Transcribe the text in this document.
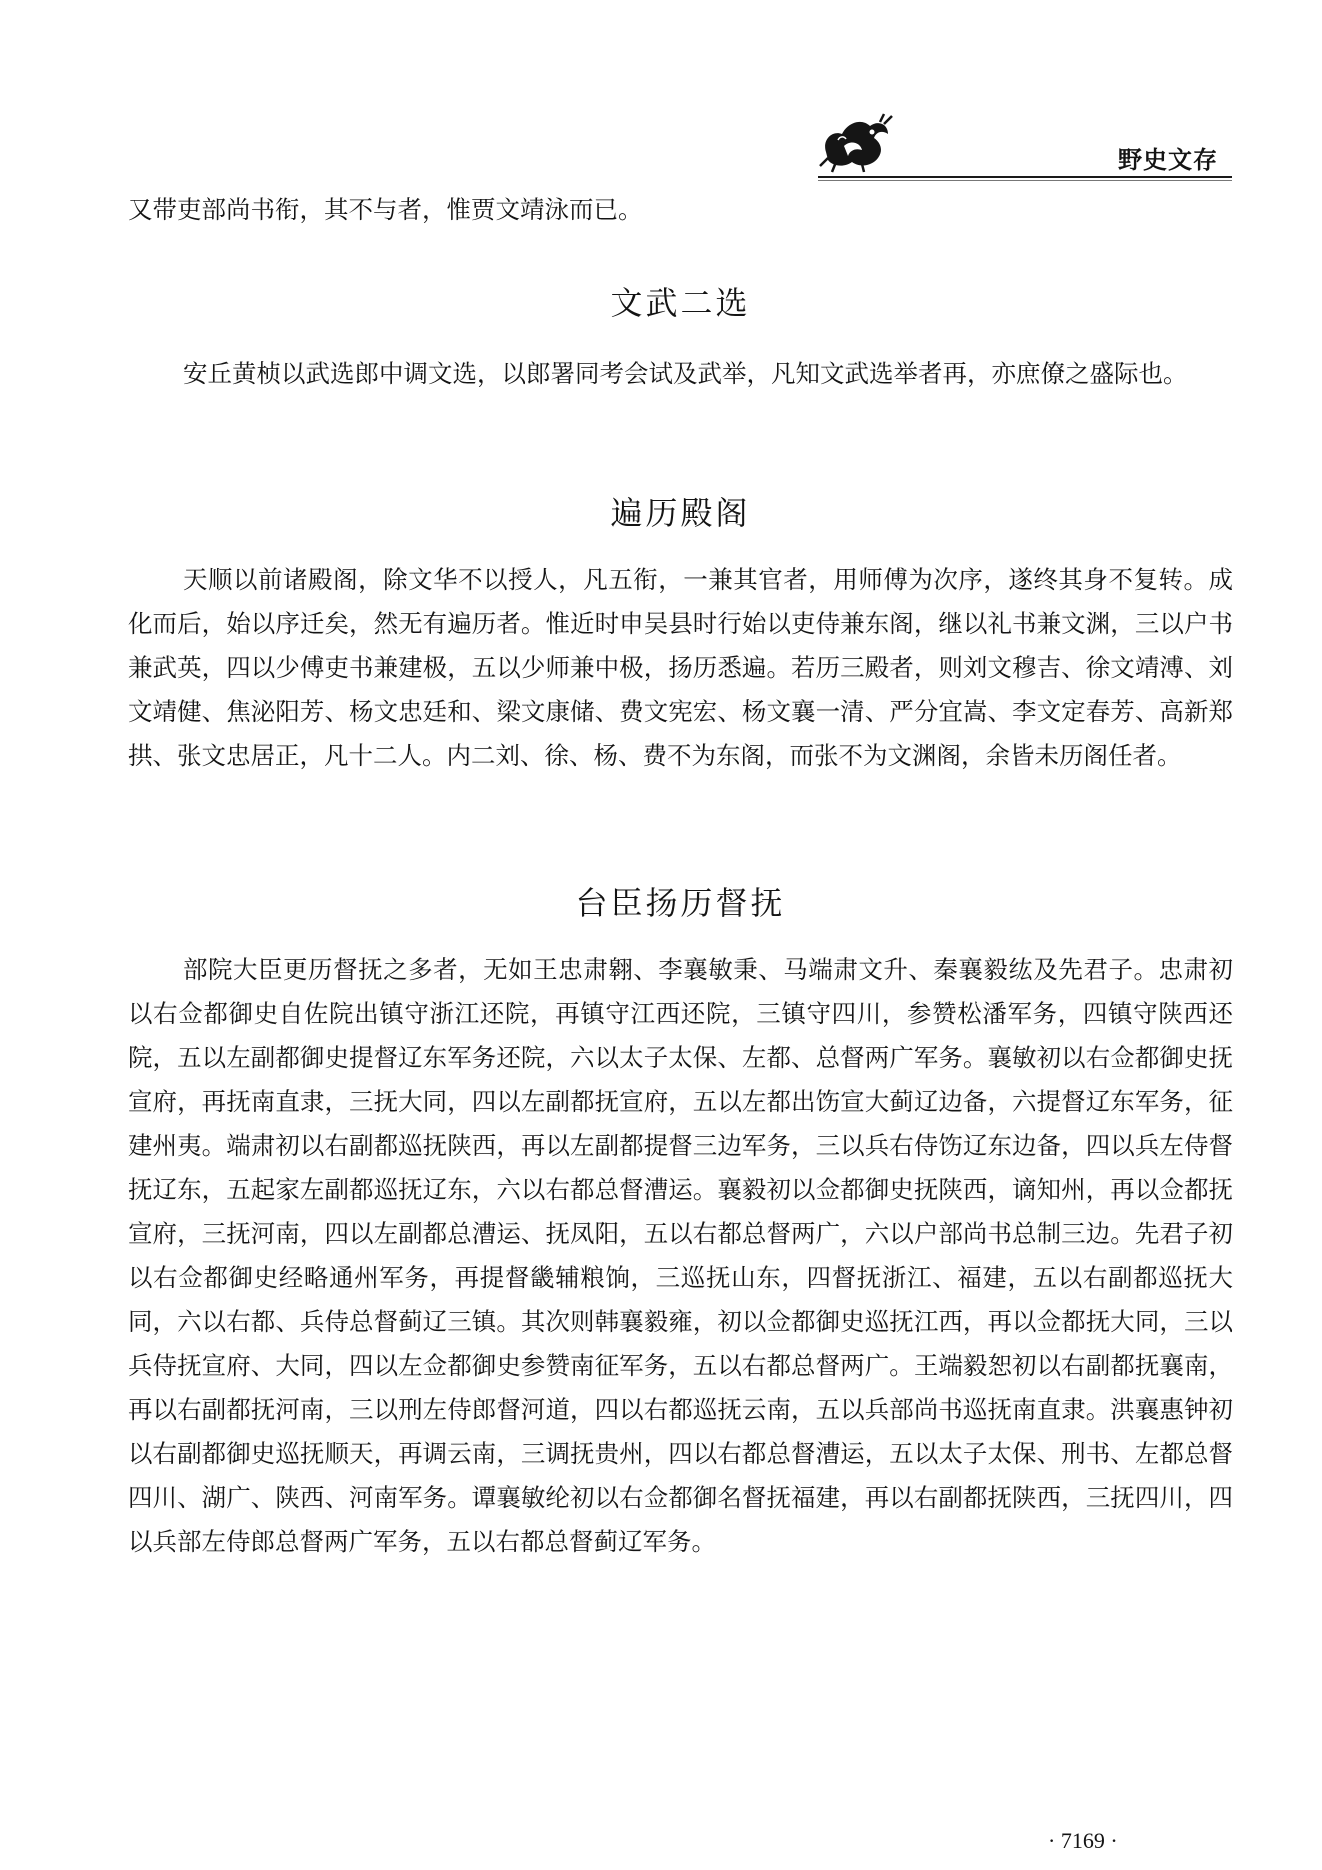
野史文存

又带吏部尚书衔，其不与者，惟贾文靖泳而已。

文武二选

安丘黄桢以武选郎中调文选，以郎署同考会试及武举，凡知文武选举者再，亦庶僚之盛际也。

遍历殿阁

天顺以前诸殿阁，除文华不以授人，凡五衔，一兼其官者，用师傅为次序，遂终其身不复转。成化而后，始以序迁矣，然无有遍历者。惟近时申吴县时行始以吏侍兼东阁，继以礼书兼文渊，三以户书兼武英，四以少傅吏书兼建极，五以少师兼中极，扬历悉遍。若历三殿者，则刘文穆吉、徐文靖溥、刘文靖健、焦泌阳芳、杨文忠廷和、梁文康储、费文宪宏、杨文襄一清、严分宜嵩、李文定春芳、高新郑拱、张文忠居正，凡十二人。内二刘、徐、杨、费不为东阁，而张不为文渊阁，余皆未历阁任者。

台臣扬历督抚

部院大臣更历督抚之多者，无如王忠肃翱、李襄敏秉、马端肃文升、秦襄毅纮及先君子。忠肃初以右佥都御史自佐院出镇守浙江还院，再镇守江西还院，三镇守四川，参赞松潘军务，四镇守陕西还院，五以左副都御史提督辽东军务还院，六以太子太保、左都、总督两广军务。襄敏初以右佥都御史抚宣府，再抚南直隶，三抚大同，四以左副都抚宣府，五以左都出饬宣大蓟辽边备，六提督辽东军务，征建州夷。端肃初以右副都巡抚陕西，再以左副都提督三边军务，三以兵右侍饬辽东边备，四以兵左侍督抚辽东，五起家左副都巡抚辽东，六以右都总督漕运。襄毅初以佥都御史抚陕西，谪知州，再以佥都抚宣府，三抚河南，四以左副都总漕运、抚凤阳，五以右都总督两广，六以户部尚书总制三边。先君子初以右佥都御史经略通州军务，再提督畿辅粮饷，三巡抚山东，四督抚浙江、福建，五以右副都巡抚大同，六以右都、兵侍总督蓟辽三镇。其次则韩襄毅雍，初以佥都御史巡抚江西，再以佥都抚大同，三以兵侍抚宣府、大同，四以左佥都御史参赞南征军务，五以右都总督两广。王端毅恕初以右副都抚襄南，再以右副都抚河南，三以刑左侍郎督河道，四以右都巡抚云南，五以兵部尚书巡抚南直隶。洪襄惠钟初以右副都御史巡抚顺天，再调云南，三调抚贵州，四以右都总督漕运，五以太子太保、刑书、左都总督四川、湖广、陕西、河南军务。谭襄敏纶初以右佥都御名督抚福建，再以右副都抚陕西，三抚四川，四以兵部左侍郎总督两广军务，五以右都总督蓟辽军务。

· 7169 ·
